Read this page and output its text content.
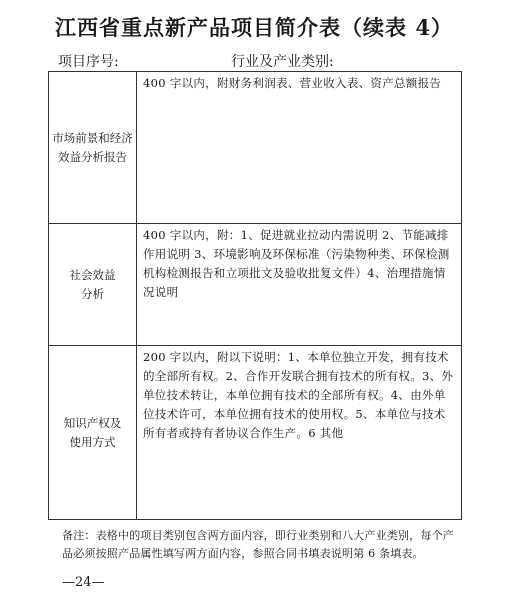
江西省重点新产品项目简介表（续表 4）
项目序号:	行业及产业类别:
市场前景和经济
效益分析报告	400 字以内，附财务利润表、营业收入表、资产总额报告
社会效益
分析	400 字以内，附：1、促进就业拉动内需说明 2、节能减排作用说明 3、环境影响及环保标准（污染物种类、环保检测机构检测报告和立项批文及验收批复文件）4、治理措施情况说明
知识产权及
使用方式	200 字以内，附以下说明：1、本单位独立开发，拥有技术的全部所有权。2、合作开发联合拥有技术的所有权。3、外单位技术转让，本单位拥有技术的全部所有权。4、由外单位技术许可，本单位拥有技术的使用权。5、本单位与技术所有者或持有者协议合作生产。6 其他
备注：表格中的项目类别包含两方面内容，即行业类别和八大产业类别，每个产品必须按照产品属性填写两方面内容，参照合同书填表说明第 6 条填表。
—24—
